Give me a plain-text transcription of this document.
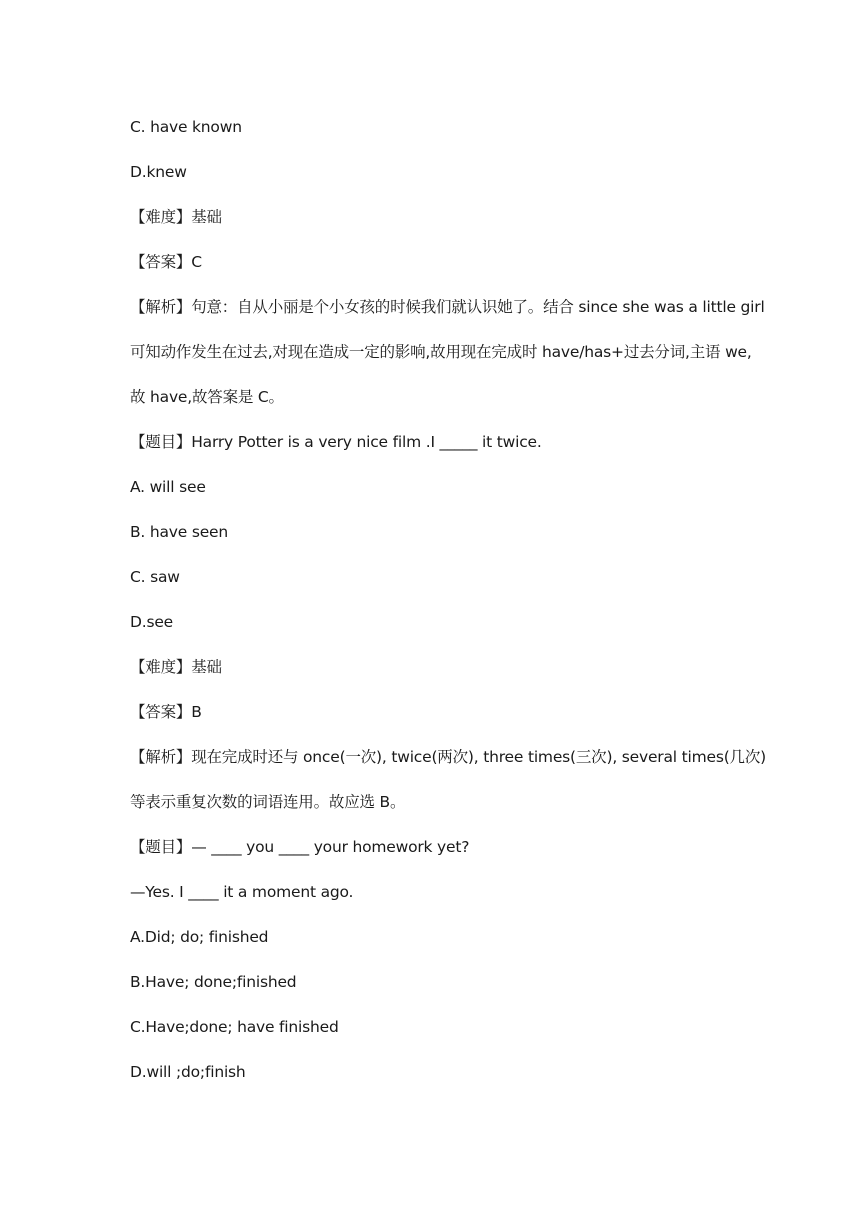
C. have known
D.knew
【难度】基础
【答案】C
【解析】句意：自从小丽是个小女孩的时候我们就认识她了。结合 since she was a little girl
可知动作发生在过去,对现在造成一定的影响,故用现在完成时 have/has+过去分词,主语 we,
故 have,故答案是 C。
【题目】Harry Potter is a very nice film .I _____ it twice.
A. will see
B. have seen
C. saw
D.see
【难度】基础
【答案】B
【解析】现在完成时还与 once(一次), twice(两次), three times(三次), several times(几次)
等表示重复次数的词语连用。故应选 B。
【题目】— ____ you ____ your homework yet?
—Yes. I ____ it a moment ago.
A.Did; do; finished
B.Have; done;finished
C.Have;done; have finished
D.will ;do;finish
